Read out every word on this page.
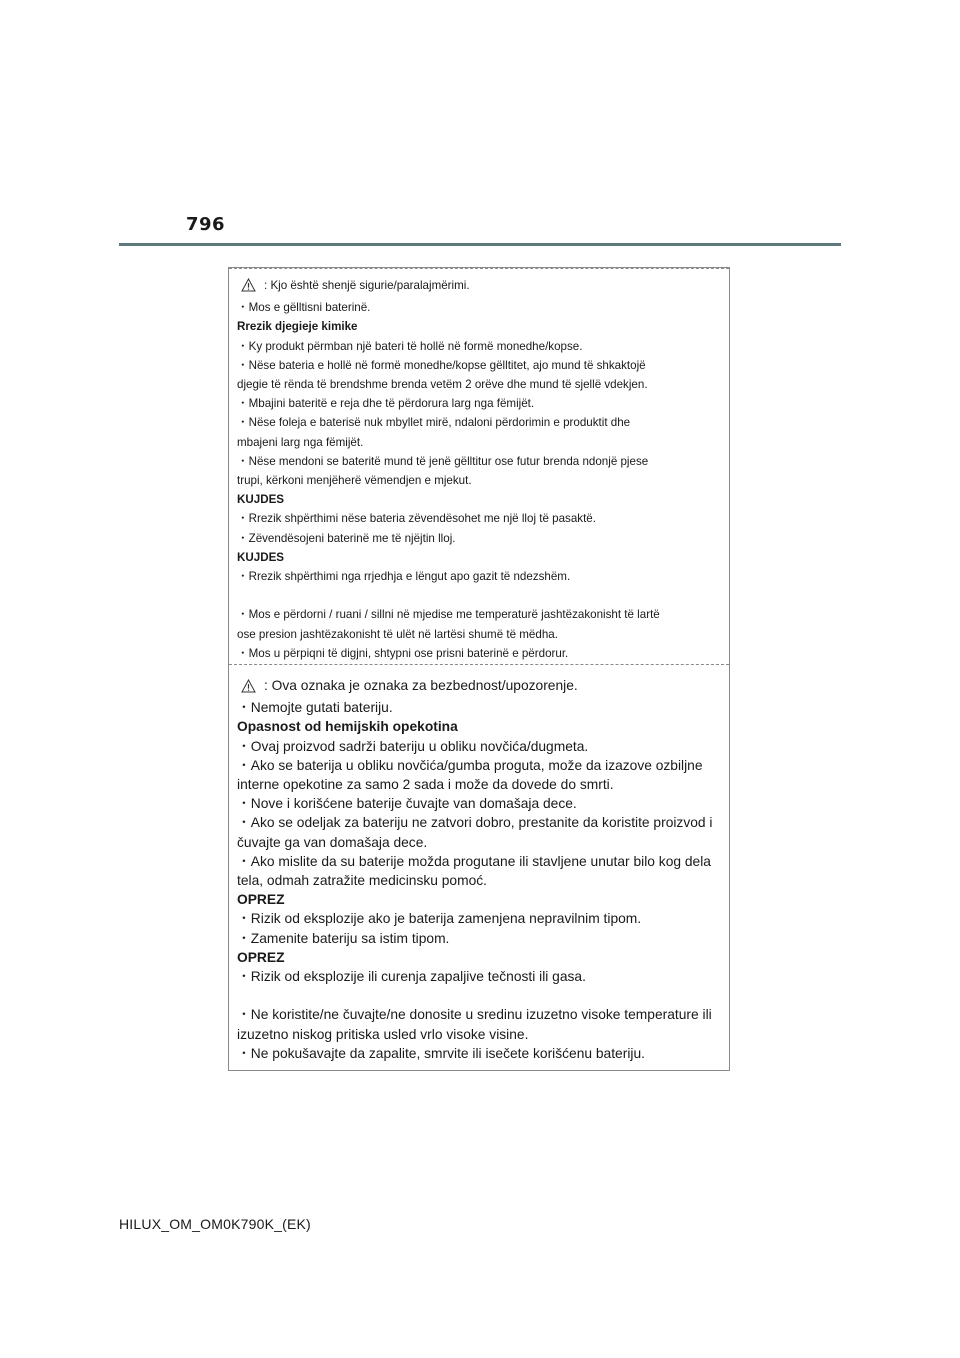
796
: Kjo është shenjë sigurie/paralajmërimi.
・ Mos e gëlltisni baterinë.
Rrezik djegieje kimike
・ Ky produkt përmban një bateri të hollë në formë monedhe/kopse.
・ Nëse bateria e hollë në formë monedhe/kopse gëlltitet, ajo mund të shkaktojë
djegie të rënda të brendshme brenda vetëm 2 orëve dhe mund të sjellë vdekjen.
・ Mbajini bateritë e reja dhe të përdorura larg nga fëmijët.
・ Nëse foleja e baterisë nuk mbyllet mirë, ndaloni përdorimin e produktit dhe
mbajeni larg nga fëmijët.
・ Nëse mendoni se bateritë mund të jenë gëlltitur ose futur brenda ndonjë pjese
trupi, kërkoni menjëherë vëmendjen e mjekut.
KUJDES
・ Rrezik shpërthimi nëse bateria zëvendësohet me një lloj të pasaktë.
・ Zëvendësojeni baterinë me të njëjtin lloj.
KUJDES
・ Rrezik shpërthimi nga rrjedhja e lëngut apo gazit të ndezshëm.
・ Mos e përdorni / ruani / sillni në mjedise me temperaturë jashtëzakonisht të lartë
ose presion jashtëzakonisht të ulët në lartësi shumë të mëdha.
・ Mos u përpiqni të digjni, shtypni ose prisni baterinë e përdorur.
: Ova oznaka je oznaka za bezbednost/upozorenje.
・ Nemojte gutati bateriju.
Opasnost od hemijskih opekotina
・ Ovaj proizvod sadrži bateriju u obliku novčića/dugmeta.
・ Ako se baterija u obliku novčića/gumba proguta, može da izazove ozbiljne
interne opekotine za samo 2 sada i može da dovede do smrti.
・ Nove i korišćene baterije čuvajte van domašaja dece.
・ Ako se odeljak za bateriju ne zatvori dobro, prestanite da koristite proizvod i
čuvajte ga van domašaja dece.
・ Ako mislite da su baterije možda progutane ili stavljene unutar bilo kog dela
tela, odmah zatražite medicinsku pomoć.
OPREZ
・ Rizik od eksplozije ako je baterija zamenjena nepravilnim tipom.
・ Zamenite bateriju sa istim tipom.
OPREZ
・ Rizik od eksplozije ili curenja zapaljive tečnosti ili gasa.
・ Ne koristite/ne čuvajte/ne donosite u sredinu izuzetno visoke temperature ili
izuzetno niskog pritiska usled vrlo visoke visine.
・ Ne pokušavajte da zapalite, smrvite ili isečete korišćenu bateriju.
HILUX_OM_OM0K790K_(EK)
